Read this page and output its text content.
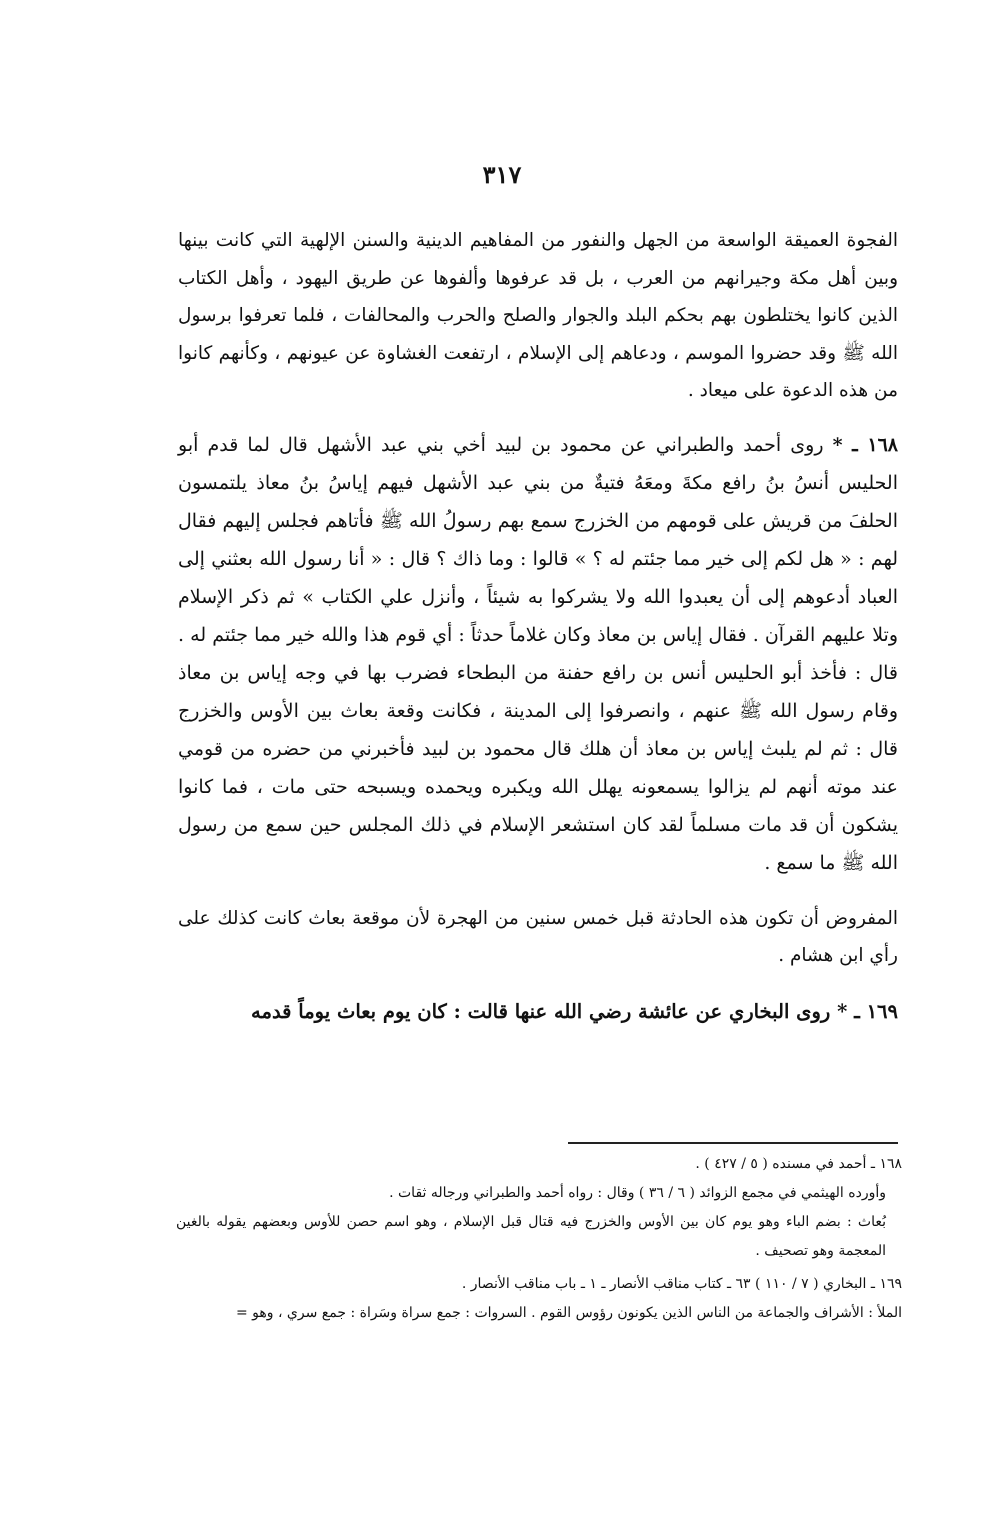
٣١٧

الفجوة العميقة الواسعة من الجهل والنفور من المفاهيم الدينية والسنن الإلهية التي كانت بينها وبين أهل مكة وجيرانهم من العرب ، بل قد عرفوها وألفوها عن طريق اليهود ، وأهل الكتاب الذين كانوا يختلطون بهم بحكم البلد والجوار والصلح والحرب والمحالفات ، فلما تعرفوا برسول الله ﷺ وقد حضروا الموسم ، ودعاهم إلى الإسلام ، ارتفعت الغشاوة عن عيونهم ، وكأنهم كانوا من هذه الدعوة على ميعاد .

١٦٨ ـ * روى أحمد والطبراني عن محمود بن لبيد أخي بني عبد الأشهل قال لما قدم أبو الحليس أنسُ بنُ رافع مكةَ ومعَهُ فتيةٌ من بني عبد الأشهل فيهم إياسُ بنُ معاذ يلتمسون الحلفَ من قريش على قومهم من الخزرج سمع بهم رسولُ الله ﷺ فأتاهم فجلس إليهم فقال لهم : « هل لكم إلى خير مما جئتم له ؟ » قالوا : وما ذاك ؟ قال : « أنا رسول الله بعثني إلى العباد أدعوهم إلى أن يعبدوا الله ولا يشركوا به شيئاً ، وأنزل علي الكتاب » ثم ذكر الإسلام وتلا عليهم القرآن . فقال إياس بن معاذ وكان غلاماً حدثاً : أي قوم هذا والله خير مما جئتم له . قال : فأخذ أبو الحليس أنس بن رافع حفنة من البطحاء فضرب بها في وجه إياس بن معاذ وقام رسول الله ﷺ عنهم ، وانصرفوا إلى المدينة ، فكانت وقعة بعاث بين الأوس والخزرج قال : ثم لم يلبث إياس بن معاذ أن هلك قال محمود بن لبيد فأخبرني من حضره من قومي عند موته أنهم لم يزالوا يسمعونه يهلل الله ويكبره ويحمده ويسبحه حتى مات ، فما كانوا يشكون أن قد مات مسلماً لقد كان استشعر الإسلام في ذلك المجلس حين سمع من رسول الله ﷺ ما سمع .

المفروض أن تكون هذه الحادثة قبل خمس سنين من الهجرة لأن موقعة بعاث كانت كذلك على رأي ابن هشام .

١٦٩ ـ * روى البخاري عن عائشة رضي الله عنها قالت : كان يوم بعاث يوماً قدمه

١٦٨ ـ أحمد في مسنده ( ٥ / ٤٢٧ ) .

وأورده الهيثمي في مجمع الزوائد ( ٦ / ٣٦ ) وقال : رواه أحمد والطبراني ورجاله ثقات .

بُعاث : بضم الباء وهو يوم كان بين الأوس والخزرج فيه قتال قبل الإسلام ، وهو اسم حصن للأوس وبعضهم يقوله بالغين المعجمة وهو تصحيف .

١٦٩ ـ البخاري ( ٧ / ١١٠ ) ٦٣ ـ كتاب مناقب الأنصار ـ ١ ـ باب مناقب الأنصار .

الملأ : الأشراف والجماعة من الناس الذين يكونون رؤوس القوم . السروات : جمع سراة وسَراة : جمع سري ، وهو =
